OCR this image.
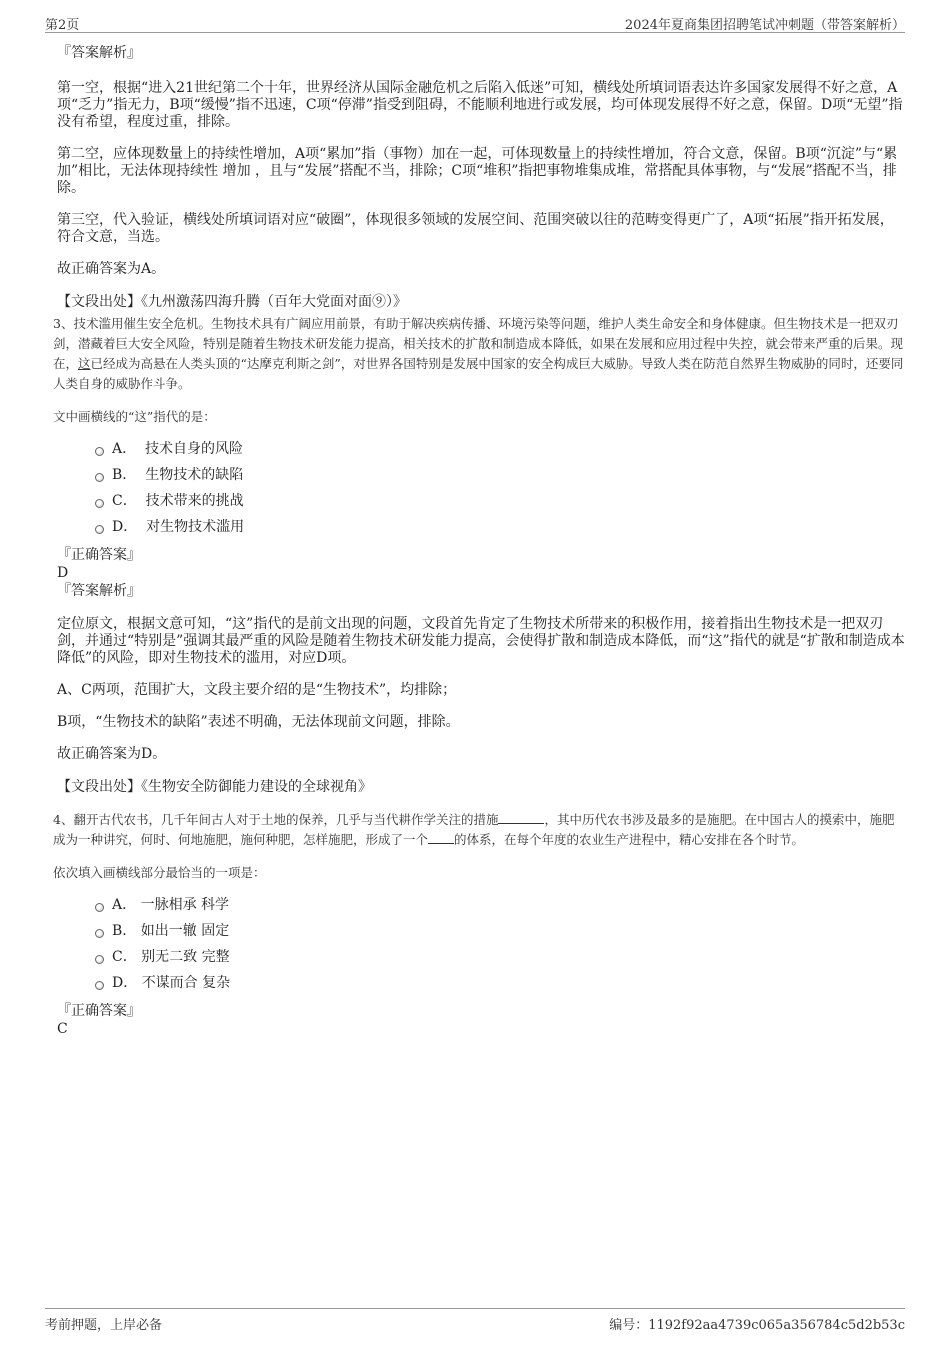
第2页	2024年夏商集团招聘笔试冲刺题（带答案解析）

『答案解析』

第一空，根据“进入21世纪第二个十年，世界经济从国际金融危机之后陷入低迷”可知，横线处所填词语表达许多国家发展得不好之意，A项“乏力”指无力，B项“缓慢”指不迅速，C项“停滞”指受到阻碍，不能顺利地进行或发展，均可体现发展得不好之意，保留。D项“无望”指没有希望，程度过重，排除。

第二空，应体现数量上的持续性增加，A项“累加”指（事物）加在一起，可体现数量上的持续性增加，符合文意，保留。B项“沉淀”与“累加”相比，无法体现持续性 增加 ，且与“发展”搭配不当，排除；C项“堆积”指把事物堆集成堆，常搭配具体事物，与“发展”搭配不当，排除。

第三空，代入验证，横线处所填词语对应“破圈”，体现很多领域的发展空间、范围突破以往的范畴变得更广了，A项“拓展”指开拓发展，符合文意，当选。

故正确答案为A。

【文段出处】《九州激荡四海升腾（百年大党面对面⑨）》

3、技术滥用催生安全危机。生物技术具有广阔应用前景，有助于解决疾病传播、环境污染等问题，维护人类生命安全和身体健康。但生物技术是一把双刃剑，潜藏着巨大安全风险，特别是随着生物技术研发能力提高，相关技术的扩散和制造成本降低，如果在发展和应用过程中失控，就会带来严重的后果。现在，这已经成为高悬在人类头顶的“达摩克利斯之剑”，对世界各国特别是发展中国家的安全构成巨大威胁。导致人类在防范自然界生物威胁的同时，还要同人类自身的威胁作斗争。

文中画横线的“这”指代的是：

A．
技术自身的风险
B．
生物技术的缺陷
C．
技术带来的挑战
D．
对生物技术滥用

『正确答案』

D

『答案解析』

定位原文，根据文意可知，“这”指代的是前文出现的问题，文段首先肯定了生物技术所带来的积极作用，接着指出生物技术是一把双刃剑，并通过“特别是”强调其最严重的风险是随着生物技术研发能力提高，会使得扩散和制造成本降低，而“这”指代的就是“扩散和制造成本降低”的风险，即对生物技术的滥用，对应D项。

A、C两项，范围扩大，文段主要介绍的是“生物技术”，均排除；

B项，“生物技术的缺陷”表述不明确，无法体现前文问题，排除。

故正确答案为D。

【文段出处】《生物安全防御能力建设的全球视角》

4、翻开古代农书，几千年间古人对于土地的保养，几乎与当代耕作学关注的措施	，其中历代农书涉及最多的是施肥。在中国古人的摸索中，施肥成为一种讲究，何时、何地施肥，施何种肥，怎样施肥，形成了一个 的体系，在每个年度的农业生产进程中，精心安排在各个时节。

依次填入画横线部分最恰当的一项是：

A．
一脉相承 科学
B．
如出一辙 固定
C．
别无二致 完整
D．
不谋而合 复杂

『正确答案』

C

考前押题，上岸必备	编号：1192f92aa4739c065a356784c5d2b53c
